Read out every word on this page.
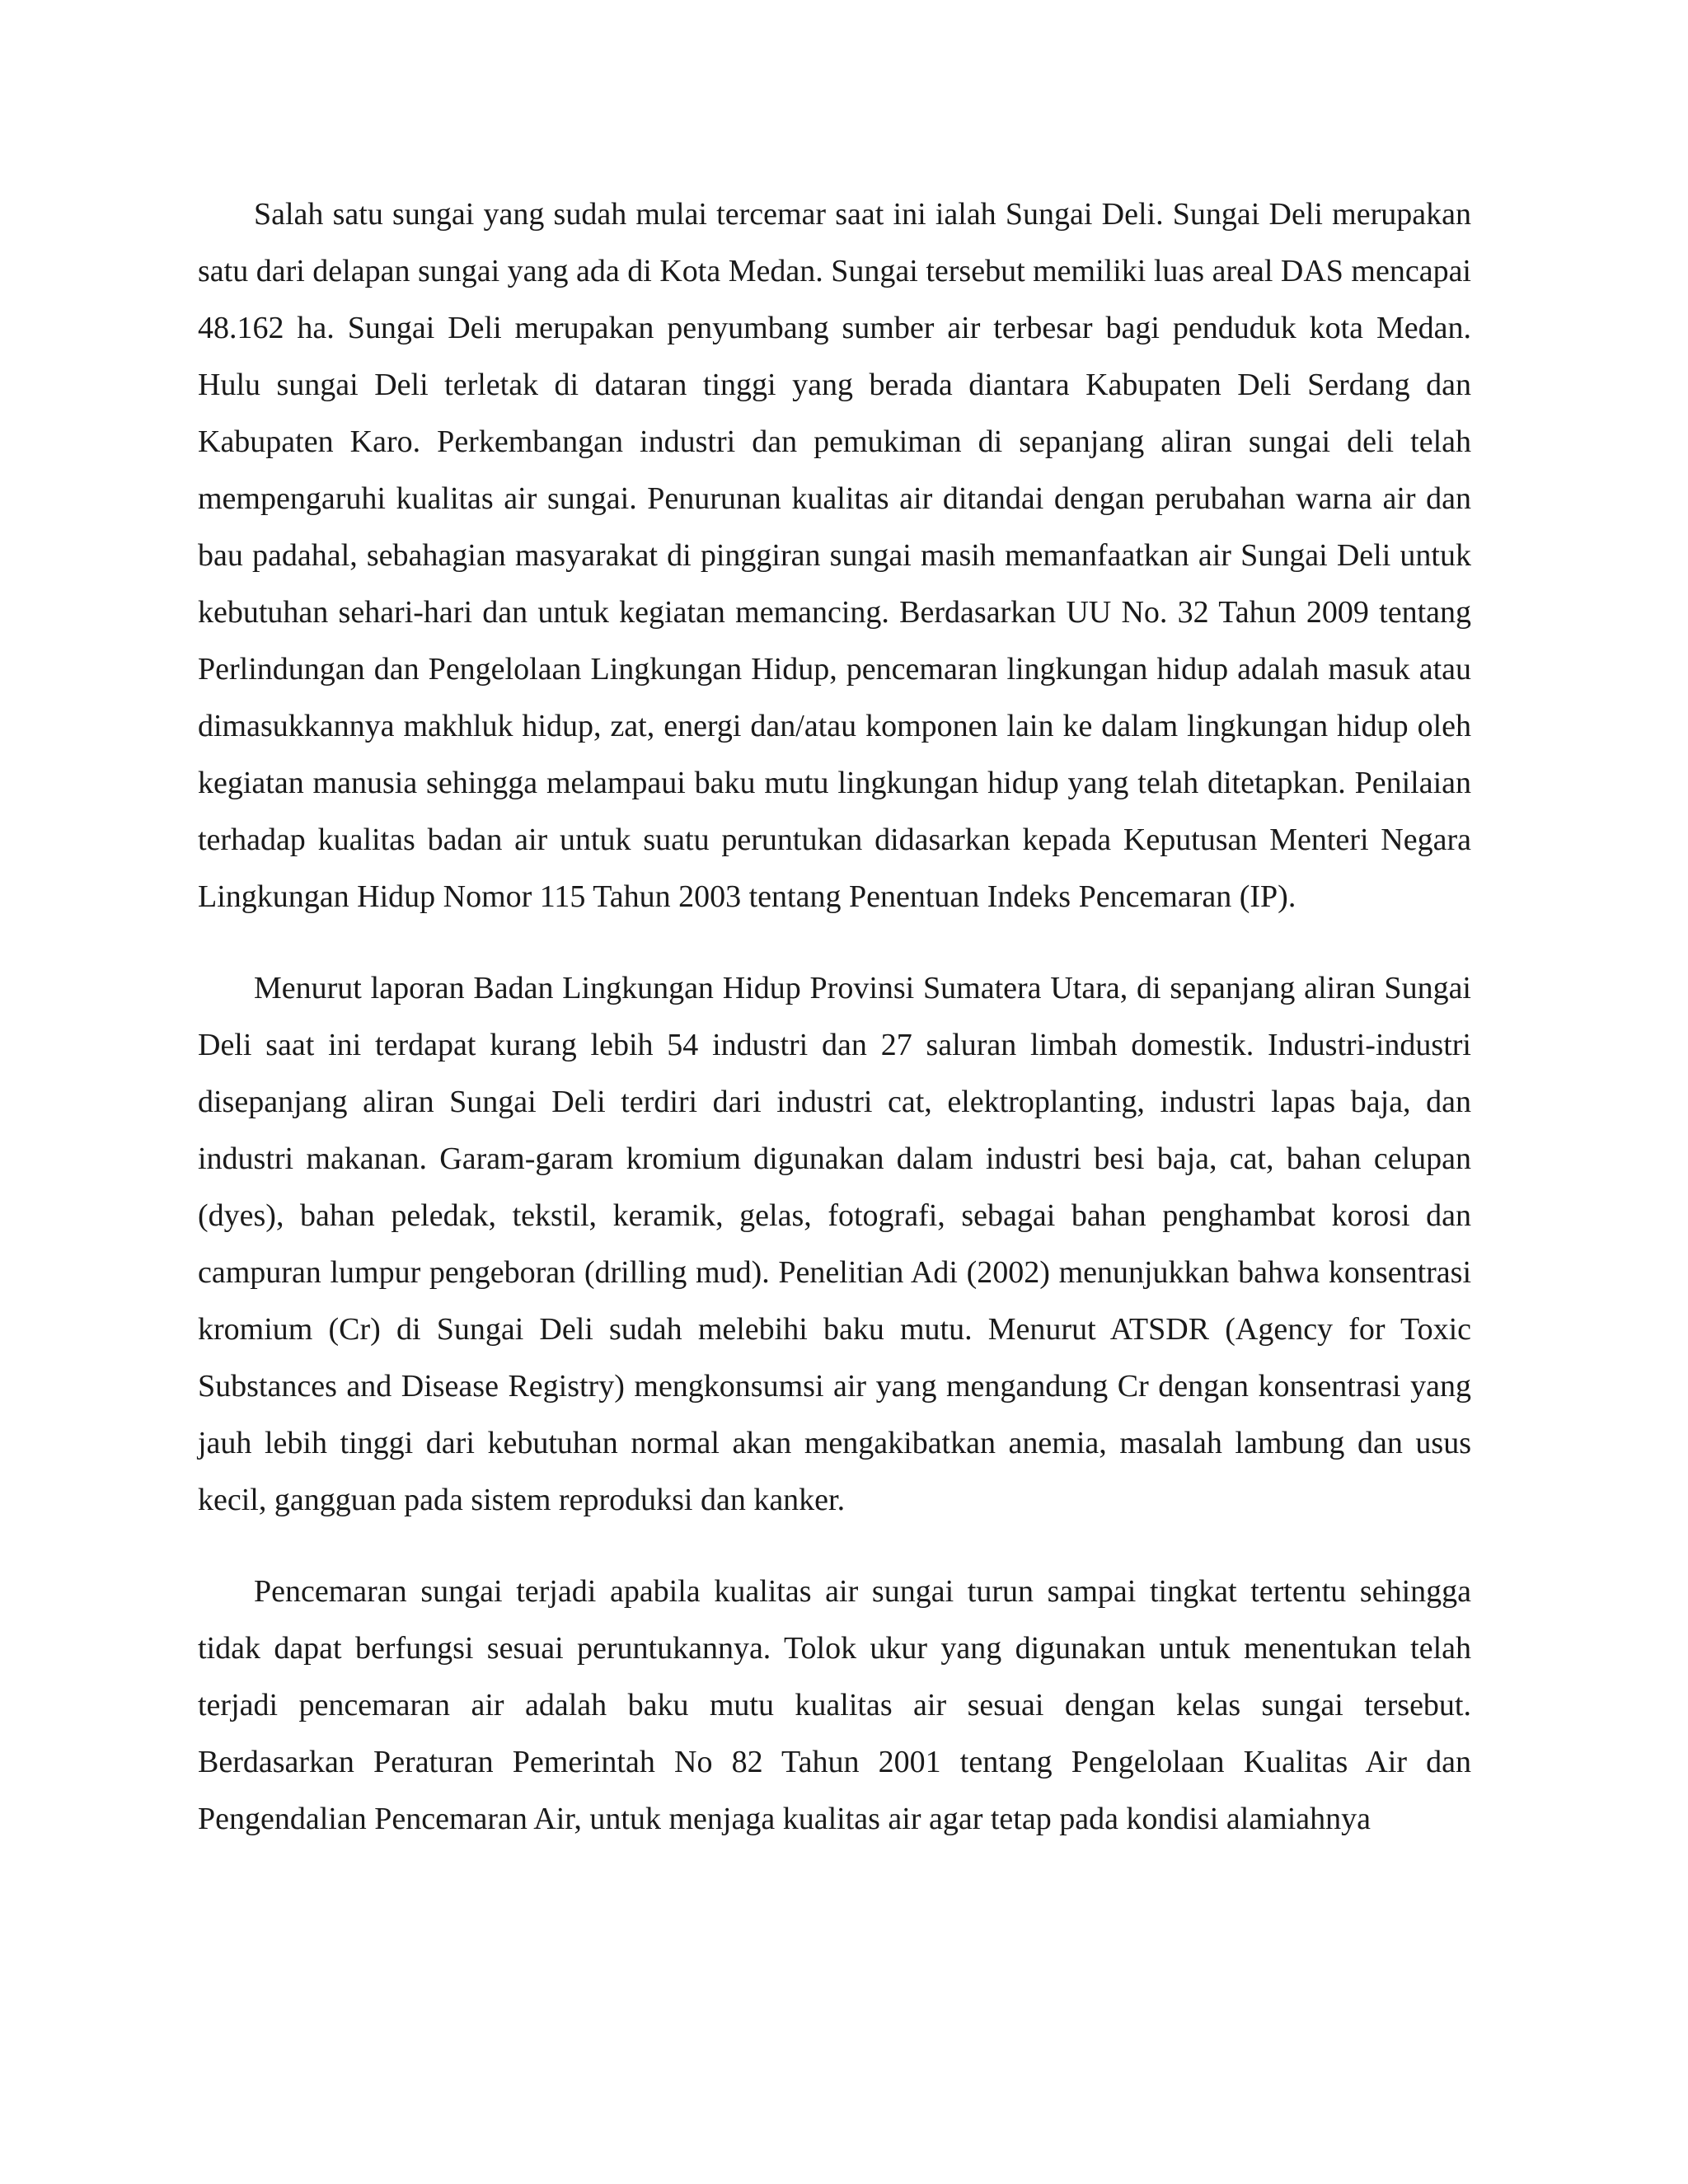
Salah satu sungai yang sudah mulai tercemar saat ini ialah Sungai Deli. Sungai Deli merupakan satu dari delapan sungai yang ada di Kota Medan. Sungai tersebut memiliki luas areal DAS mencapai 48.162 ha. Sungai Deli merupakan penyumbang sumber air terbesar bagi penduduk kota Medan. Hulu sungai Deli terletak di dataran tinggi yang berada diantara Kabupaten Deli Serdang dan Kabupaten Karo. Perkembangan industri dan pemukiman di sepanjang aliran sungai deli telah mempengaruhi kualitas air sungai. Penurunan kualitas air ditandai dengan perubahan warna air dan bau padahal, sebahagian masyarakat di pinggiran sungai masih memanfaatkan air Sungai Deli untuk kebutuhan sehari-hari dan untuk kegiatan memancing. Berdasarkan UU No. 32 Tahun 2009 tentang Perlindungan dan Pengelolaan Lingkungan Hidup, pencemaran lingkungan hidup adalah masuk atau dimasukkannya makhluk hidup, zat, energi dan/atau komponen lain ke dalam lingkungan hidup oleh kegiatan manusia sehingga melampaui baku mutu lingkungan hidup yang telah ditetapkan. Penilaian terhadap kualitas badan air untuk suatu peruntukan didasarkan kepada Keputusan Menteri Negara Lingkungan Hidup Nomor 115 Tahun 2003 tentang Penentuan Indeks Pencemaran (IP).

Menurut laporan Badan Lingkungan Hidup Provinsi Sumatera Utara, di sepanjang aliran Sungai Deli saat ini terdapat kurang lebih 54 industri dan 27 saluran limbah domestik. Industri-industri disepanjang aliran Sungai Deli terdiri dari industri cat, elektroplanting, industri lapas baja, dan industri makanan. Garam-garam kromium digunakan dalam industri besi baja, cat, bahan celupan (dyes), bahan peledak, tekstil, keramik, gelas, fotografi, sebagai bahan penghambat korosi dan campuran lumpur pengeboran (drilling mud). Penelitian Adi (2002) menunjukkan bahwa konsentrasi kromium (Cr) di Sungai Deli sudah melebihi baku mutu. Menurut ATSDR (Agency for Toxic Substances and Disease Registry) mengkonsumsi air yang mengandung Cr dengan konsentrasi yang jauh lebih tinggi dari kebutuhan normal akan mengakibatkan anemia, masalah lambung dan usus kecil, gangguan pada sistem reproduksi dan kanker.

Pencemaran sungai terjadi apabila kualitas air sungai turun sampai tingkat tertentu sehingga tidak dapat berfungsi sesuai peruntukannya. Tolok ukur yang digunakan untuk menentukan telah terjadi pencemaran air adalah baku mutu kualitas air sesuai dengan kelas sungai tersebut. Berdasarkan Peraturan Pemerintah No 82 Tahun 2001 tentang Pengelolaan Kualitas Air dan Pengendalian Pencemaran Air, untuk menjaga kualitas air agar tetap pada kondisi alamiahnya
